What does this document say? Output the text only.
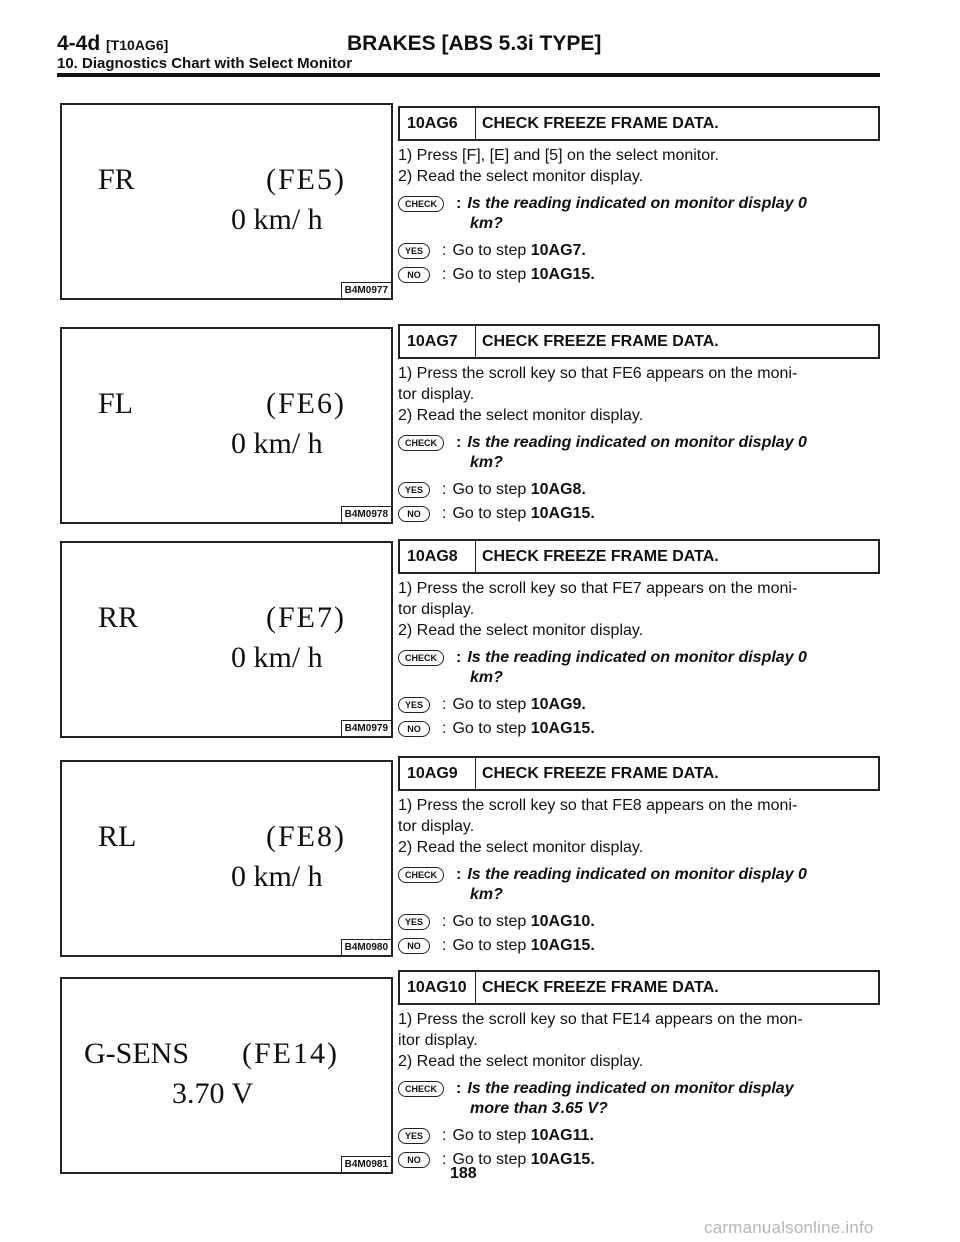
4-4d [T10AG6]	BRAKES [ABS 5.3i TYPE]
10. Diagnostics Chart with Select Monitor
FR	(FE5)
0 km/ h
B4M0977
FL	(FE6)
0 km/ h
B4M0978
RR	(FE7)
0 km/ h
B4M0979
RL	(FE8)
0 km/ h
B4M0980
G-SENS (FE14)
3.70 V
B4M0981
10AG6	CHECK FREEZE FRAME DATA.
1) Press [F], [E] and [5] on the select monitor.
2) Read the select monitor display.
CHECK	: Is the reading indicated on monitor display 0
km?
YES	: Go to step
10AG7.
NO	: Go to step
10AG15.
10AG7	CHECK FREEZE FRAME DATA.
1) Press the scroll key so that FE6 appears on the moni-
tor display.
2) Read the select monitor display.
CHECK	: Is the reading indicated on monitor display 0
km?
YES	: Go to step
10AG8.
NO	: Go to step
10AG15.
10AG8	CHECK FREEZE FRAME DATA.
1) Press the scroll key so that FE7 appears on the moni-
tor display.
2) Read the select monitor display.
CHECK	: Is the reading indicated on monitor display 0
km?
YES	: Go to step
10AG9.
NO	: Go to step
10AG15.
10AG9	CHECK FREEZE FRAME DATA.
1) Press the scroll key so that FE8 appears on the moni-
tor display.
2) Read the select monitor display.
CHECK	: Is the reading indicated on monitor display 0
km?
YES	: Go to step
10AG10.
NO	: Go to step
10AG15.
10AG10 CHECK FREEZE FRAME DATA.
1) Press the scroll key so that FE14 appears on the mon-
itor display.
2) Read the select monitor display.
CHECK	: Is the reading indicated on monitor display
more than 3.65 V?
YES	: Go to step
10AG11.
NO	: Go to step
10AG15.
188
carmanualsonline.info
